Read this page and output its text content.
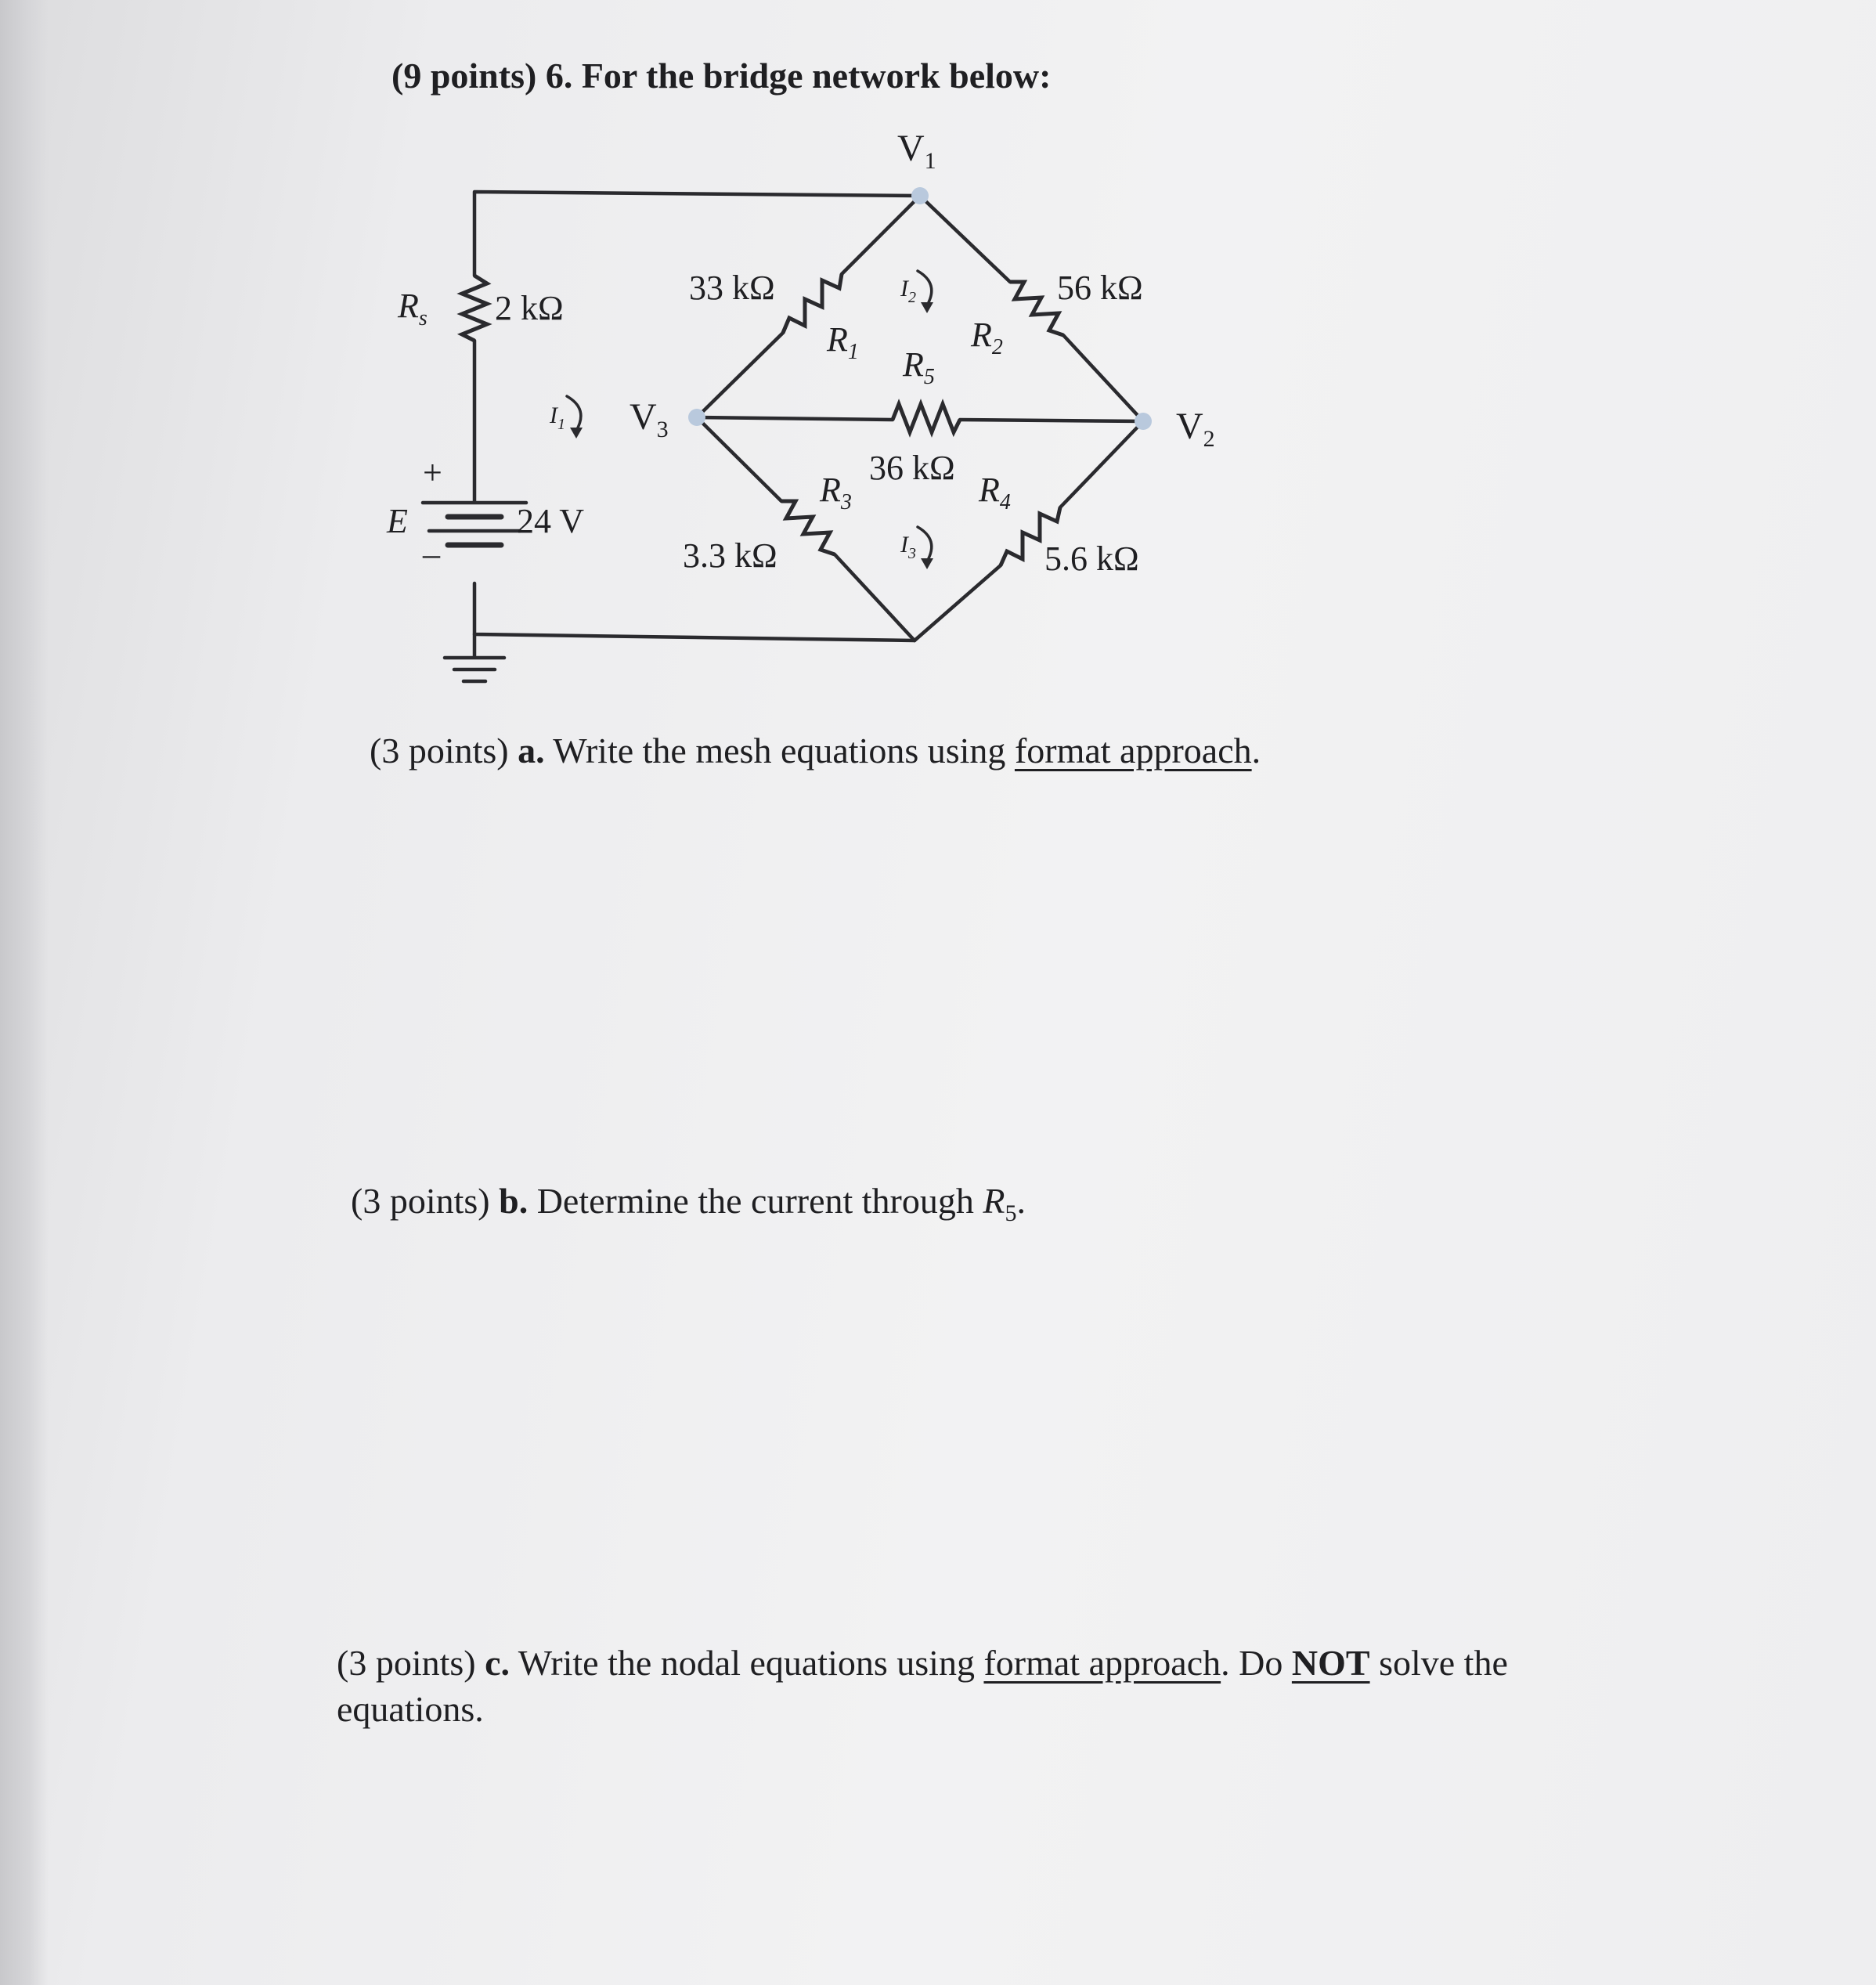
(9 points) 6. For the bridge network below:
$V_1$
$V_2$
$V_3$
$R_s$ 2 kΩ
+
E	24 V
–
33 kΩ
$R_1$
56 kΩ
$R_2$
$R_5$
36 kΩ
$R_3$
3.3 kΩ
$R_4$
5.6 kΩ
$I_1$
$I_2$
$I_3$
(3 points) a. Write the mesh equations using format approach.
(3 points) b. Determine the current through $R_5$.
(3 points) c. Write the nodal equations using format approach. Do NOT solve the
equations.
